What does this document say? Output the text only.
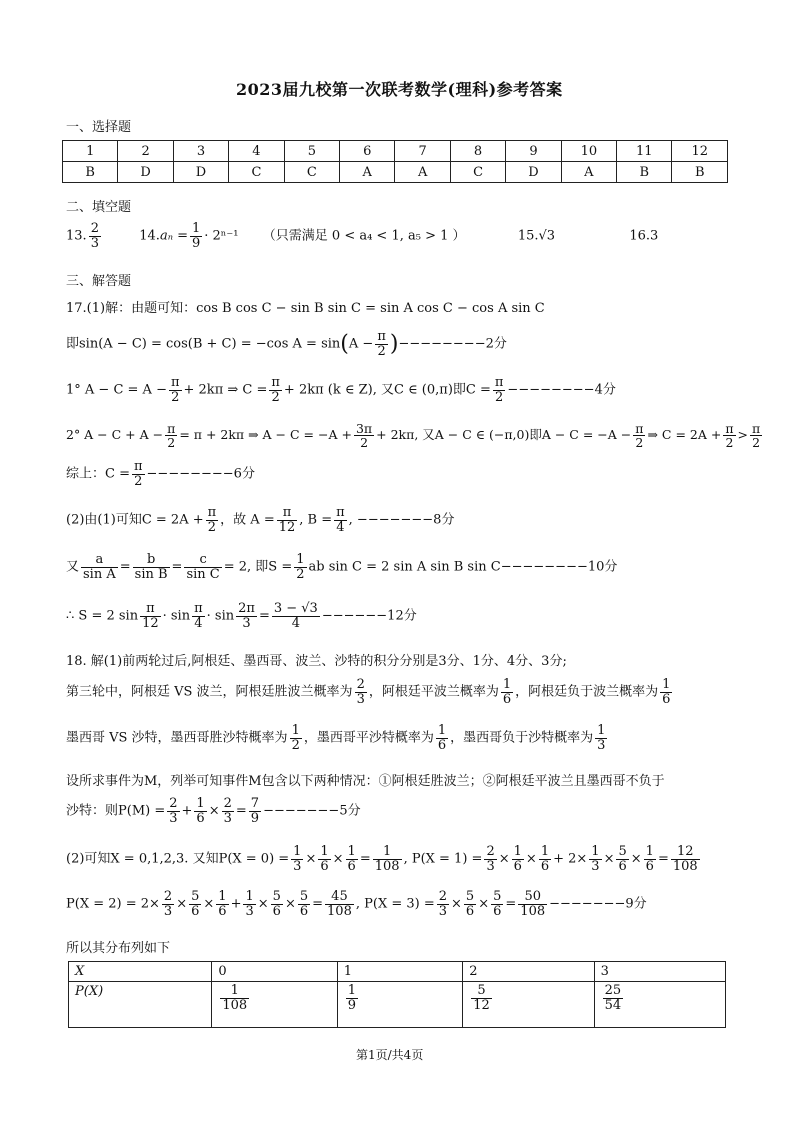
2023届九校第一次联考数学(理科)参考答案
一、选择题
1	2	3	4	5	6	7	8	9	10	11	12
B	D	D	C	C	A	A	C	D	A	B	B
二、填空题
13. $\frac{2}{3}$	$14.a_n = \frac{1}{9} \cdot 2^{n-1}$ （只需满足 0 < a₄ < 1, a₅ > 1 ）	15.√3	16.3
三、解答题
17.(1)解：由题可知：cos B cos C − sin B sin C = sin A cos C − cos A sin C
即sin(A − C) = cos(B + C) = −cos $A = \sin(A - \frac{\pi}{2} )--------2$分
1° $A - C = A - \frac{\pi}{2} + 2k\pi$ ⇒ $C = \frac{\pi}{2} + 2k\pi$ (k ∈ Z), 又C ∈ (0,π)即$C = \frac{\pi}{2} --------4$分
2° $A - C + A - \frac{\pi}{2} = \pi + 2k\pi$ ⇒ $A - C = -A + \frac{3\pi}{2} + 2k\pi$, 又A − C ∈ (−π,0)即$A - C = -A - \frac{\pi}{2}$ ⇒ $C = 2A + \frac{\pi}{2} > \frac{\pi}{2}$
综上：$C = \frac{\pi}{2} --------6$分
(2)由(1)可知$C = 2A + \frac{\pi}{2}$ ，故 $A = \frac{\pi}{12}$ , $B = \frac{\pi}{4}$ , −−−−−−−8分
又 $\frac{a}{\text{sin A}} = \frac{b}{\text{sin B}} = \frac{c}{\text{sin C}} = 2$, 即$S = \frac{1}{2}$ ab sin C = 2 sin A sin B sin C−−−−−−−−10分
∴ S = 2 $\sin \frac{\pi}{12} \cdot \sin \frac{\pi}{4} \cdot \sin \frac{2\pi}{3} = \frac{3 - √3}{4} ------12$分
18. 解(1)前两轮过后,阿根廷、墨西哥、波兰、沙特的积分分别是3分、1分、4分、3分;
第三轮中，阿根廷 VS 波兰，阿根廷胜波兰概率为 $\frac{2}{3}$ ，阿根廷平波兰概率为 $\frac{1}{6}$ ，阿根廷负于波兰概率为 $\frac{1}{6}$
墨西哥 VS 沙特，墨西哥胜沙特概率为 $\frac{1}{2}$ ，墨西哥平沙特概率为 $\frac{1}{6}$ ，墨西哥负于沙特概率为 $\frac{1}{3}$
设所求事件为M，列举可知事件M包含以下两种情况：①阿根廷胜波兰；②阿根廷平波兰且墨西哥不负于
沙特：则$P(M) = \frac{2}{3} + \frac{1}{6} \times \frac{2}{3} = \frac{7}{9} -------5$分
(2)可知X = 0,1,2,3. 又知$P(X = 0) = \frac{1}{3} \times \frac{1}{6} \times \frac{1}{6} = \frac{1}{108}$ , $P(X = 1) = \frac{2}{3} \times \frac{1}{6} \times \frac{1}{6} + 2\times \frac{1}{3} \times \frac{5}{6} \times \frac{1}{6} = \frac{12}{108}$
$P(X = 2) = 2\times \frac{2}{3} \times \frac{5}{6} \times \frac{1}{6} + \frac{1}{3} \times \frac{5}{6} \times \frac{5}{6} = \frac{45}{108}$ , $P(X = 3) = \frac{2}{3} \times \frac{5}{6} \times \frac{5}{6} = \frac{50}{108} -------9$分
所以其分布列如下
X	0	1	2	3
P(X)	$\frac{1}{108}$	$\frac{1}{9}$	$\frac{5}{12}$	$\frac{25}{54}$
第1页/共4页
